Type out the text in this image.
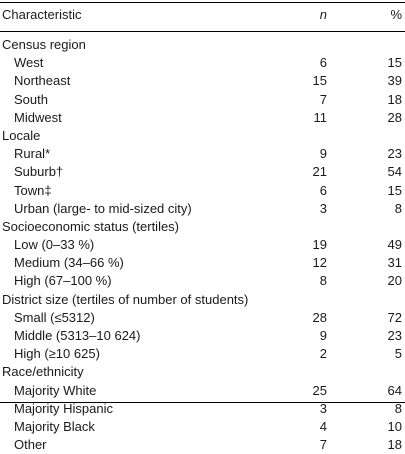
Characteristic	n	%
Census region
West	6	15
Northeast	15	39
South	7	18
Midwest	11	28
Locale
Rural*	9	23
Suburb†	21	54
Town‡	6	15
Urban (large- to mid-sized city)	3	8
Socioeconomic status (tertiles)
Low (0–33 %)	19	49
Medium (34–66 %)	12	31
High (67–100 %)	8	20
District size (tertiles of number of students)
Small (≤5312)	28	72
Middle (5313–10 624)	9	23
High (≥10 625)	2	5
Race/ethnicity
Majority White	25	64
Majority Hispanic	3	8
Majority Black	4	10
Other	7	18
